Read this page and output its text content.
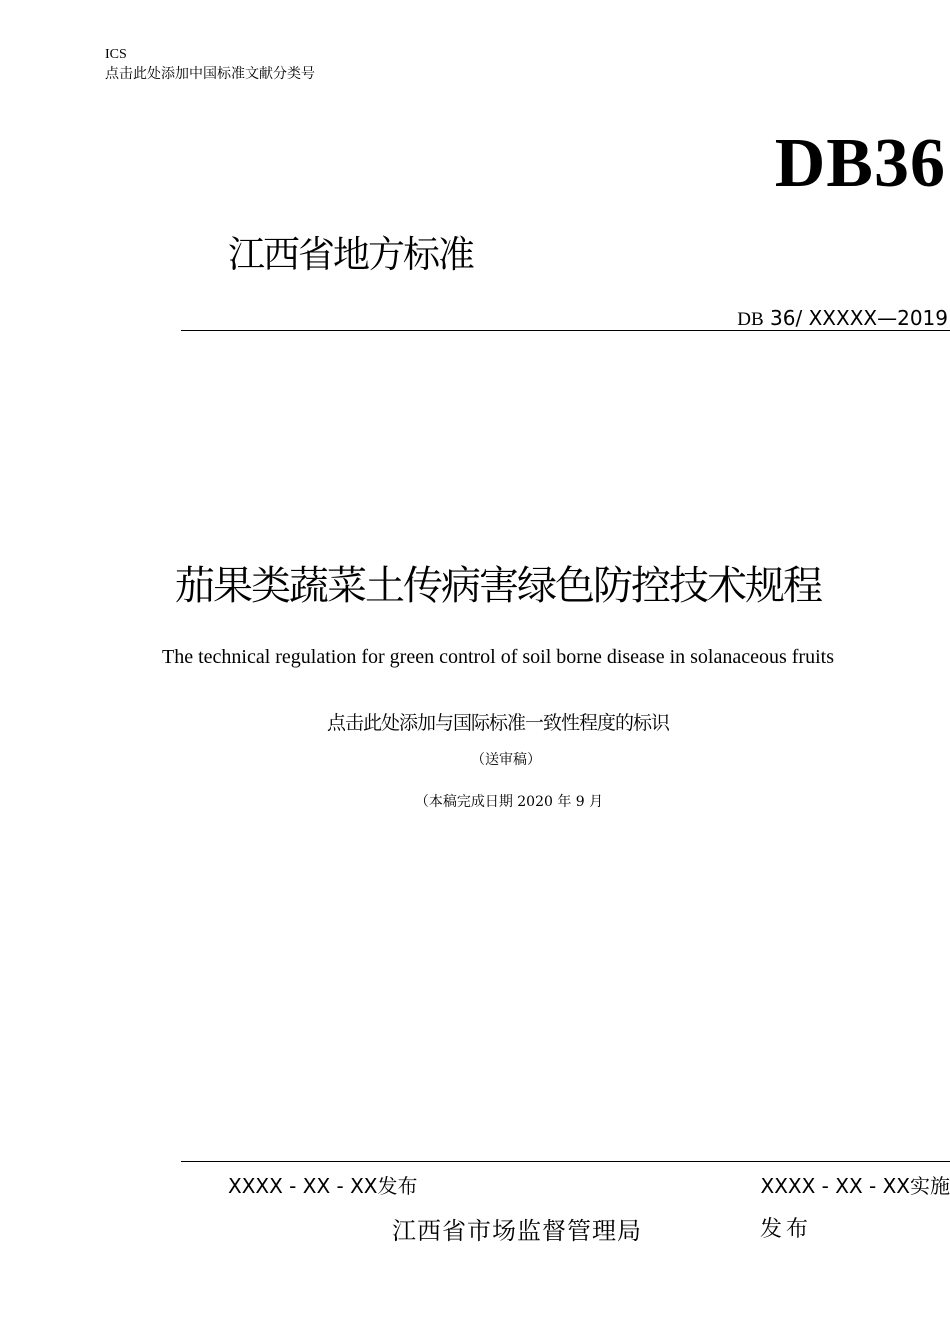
ICS
点击此处添加中国标准文献分类号
DB36
江西省地方标准
DB 36/ XXXXX—2019
茄果类蔬菜土传病害绿色防控技术规程
The technical regulation for green control of soil borne disease in solanaceous fruits
点击此处添加与国际标准一致性程度的标识
（送审稿）
（本稿完成日期 2020 年 9 月
XXXX - XX - XX发布	XXXX - XX - XX实施
江西省市场监督管理局	发布
